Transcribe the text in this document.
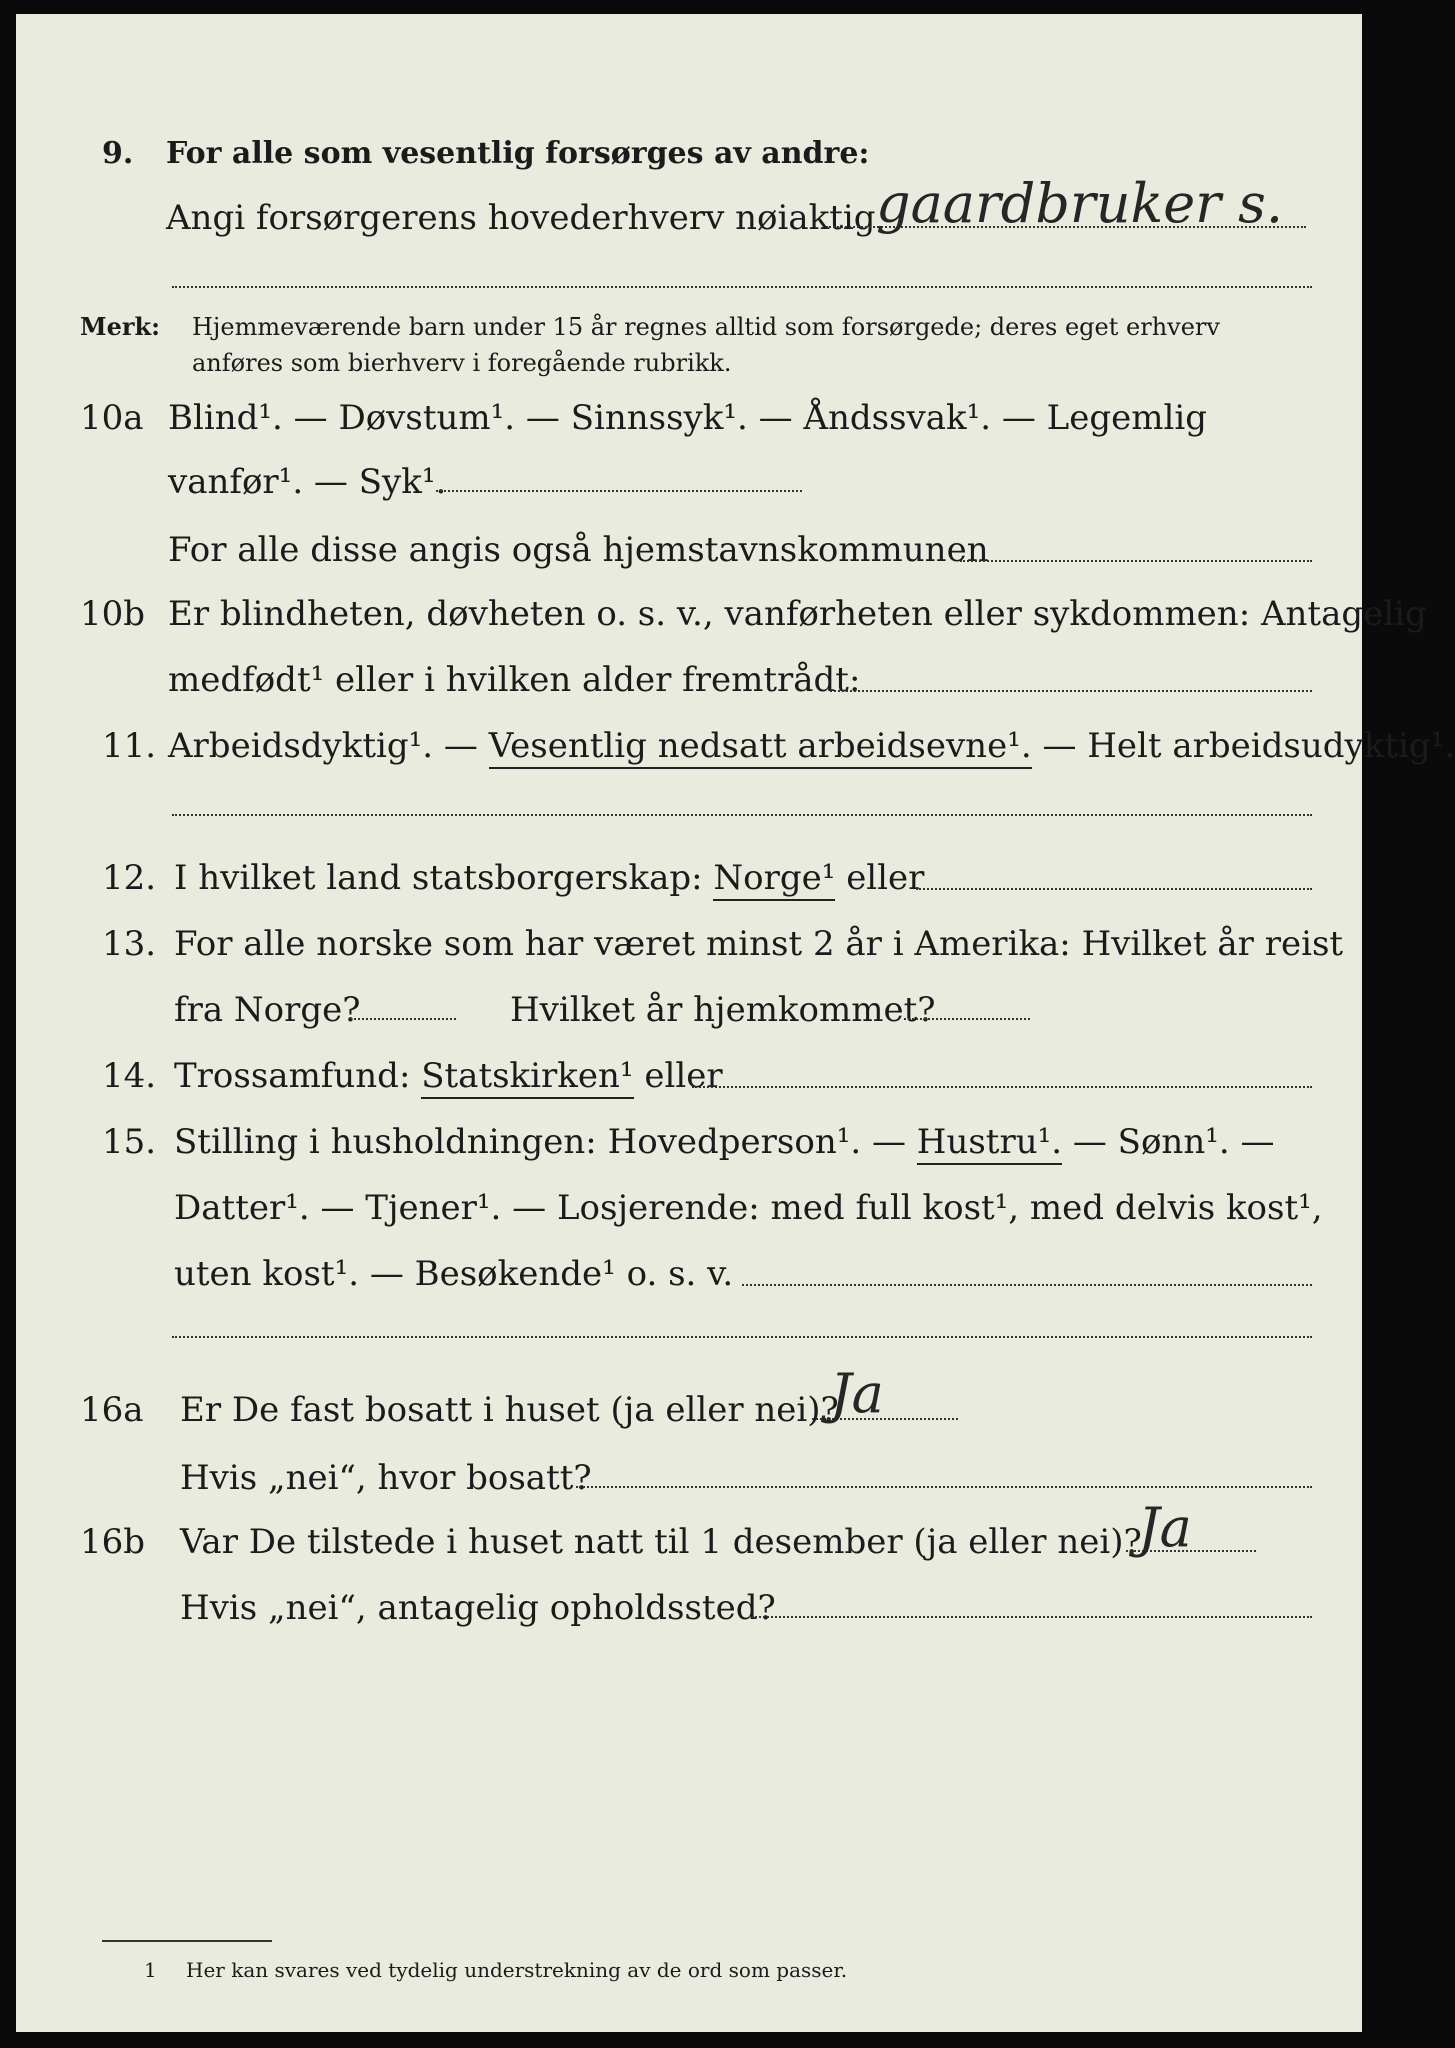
9. For alle som vesentlig forsørges av andre:
Angi forsørgerens hovederhverv nøiaktig gaardbruker s.
Merk: Hjemmeværende barn under 15 år regnes alltid som forsørgede; deres eget erhverv
anføres som bierhverv i foregående rubrikk.
10a Blind¹. — Døvstum¹. — Sinnssyk¹. — Åndssvak¹. — Legemlig
vanfør¹. — Syk¹.
For alle disse angis også hjemstavnskommunen
10b Er blindheten, døvheten o. s. v., vanførheten eller sykdommen: Antagelig
medfødt¹ eller i hvilken alder fremtrådt:
11. Arbeidsdyktig¹. — Vesentlig nedsatt arbeidsevne¹. — Helt arbeidsudyktig¹.
12. I hvilket land statsborgerskap: Norge¹ eller
13. For alle norske som har været minst 2 år i Amerika: Hvilket år reist
fra Norge?	Hvilket år hjemkommet?
14. Trossamfund: Statskirken¹ eller
15. Stilling i husholdningen: Hovedperson¹. — Hustru¹. — Sønn¹. —
Datter¹. — Tjener¹. — Losjerende: med full kost¹, med delvis kost¹,
uten kost¹. — Besøkende¹ o. s. v.
16a Er De fast bosatt i huset (ja eller nei)?
Ja
Hvis „nei“, hvor bosatt?
16b Var De tilstede i huset natt til 1 desember (ja eller nei)?
Ja
Hvis „nei“, antagelig opholdssted?
1 Her kan svares ved tydelig understrekning av de ord som passer.
